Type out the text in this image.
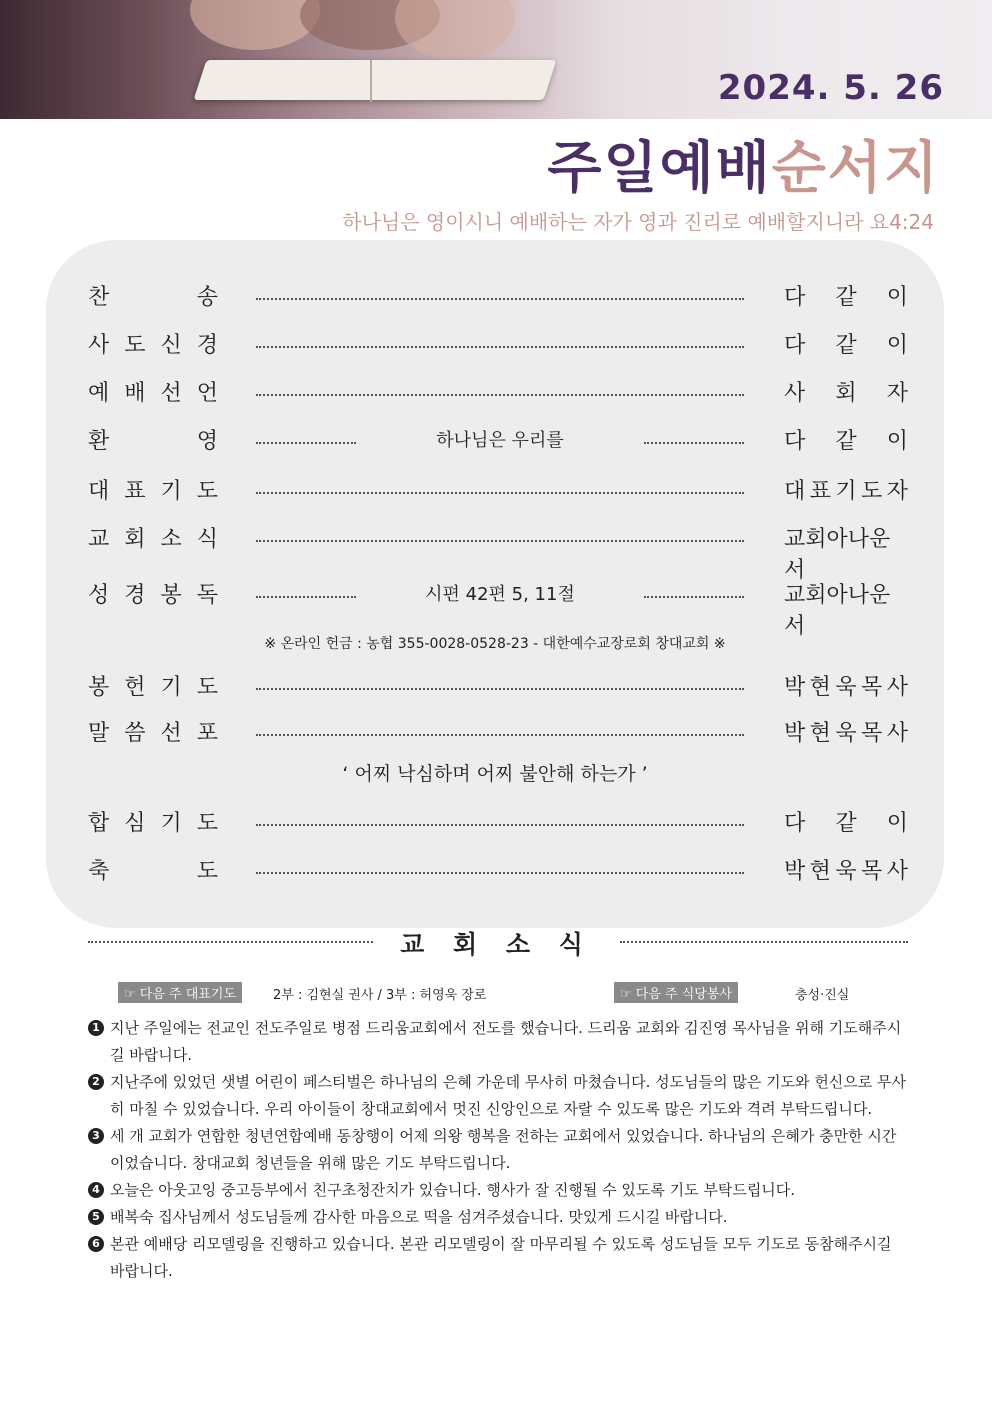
2024. 5. 26
주일예배순서지
하나님은 영이시니 예배하는 자가 영과 진리로 예배할지니라 요4:24
찬	송	다 같 이
사 도 신 경	다 같 이
예 배 선 언	사 회 자
환	영	하나님은 우리를	다 같 이
대 표 기 도	대 표 기 도 자
교 회 소 식	교회아나운서
성 경 봉 독	시편 42편 5, 11절	교회아나운서
봉 헌 기 도	박 현 욱 목 사
말 씀 선 포	박 현 욱 목 사
합 심 기 도	다 같 이
축	도	박 현 욱 목 사
※ 온라인 헌금 : 농협 355-0028-0528-23 - 대한예수교장로회 창대교회 ※
‘ 어찌 낙심하며 어찌 불안해 하는가 ’
교 회 소 식
☞ 다음 주 대표기도	2부 : 김현실 권사 / 3부 : 허영욱 장로	☞ 다음 주 식당봉사	충성·진실
1 지난 주일에는 전교인 전도주일로 병점 드리움교회에서 전도를 했습니다. 드리움 교회와 김진영 목사님을 위해 기도해주시길 바랍니다.
2 지난주에 있었던 샛별 어린이 페스티벌은 하나님의 은혜 가운데 무사히 마쳤습니다. 성도님들의 많은 기도와 헌신으로 무사히 마칠 수 있었습니다. 우리 아이들이 창대교회에서 멋진 신앙인으로 자랄 수 있도록 많은 기도와 격려 부탁드립니다.
3 세 개 교회가 연합한 청년연합예배 동창행이 어제 의왕 행복을 전하는 교회에서 있었습니다. 하나님의 은혜가 충만한 시간이었습니다. 창대교회 청년들을 위해 많은 기도 부탁드립니다.
4 오늘은 아웃고잉 중고등부에서 친구초청잔치가 있습니다. 행사가 잘 진행될 수 있도록 기도 부탁드립니다.
5 배복숙 집사님께서 성도님들께 감사한 마음으로 떡을 섬겨주셨습니다. 맛있게 드시길 바랍니다.
6 본관 예배당 리모델링을 진행하고 있습니다. 본관 리모델링이 잘 마무리될 수 있도록 성도님들 모두 기도로 동참해주시길 바랍니다.
